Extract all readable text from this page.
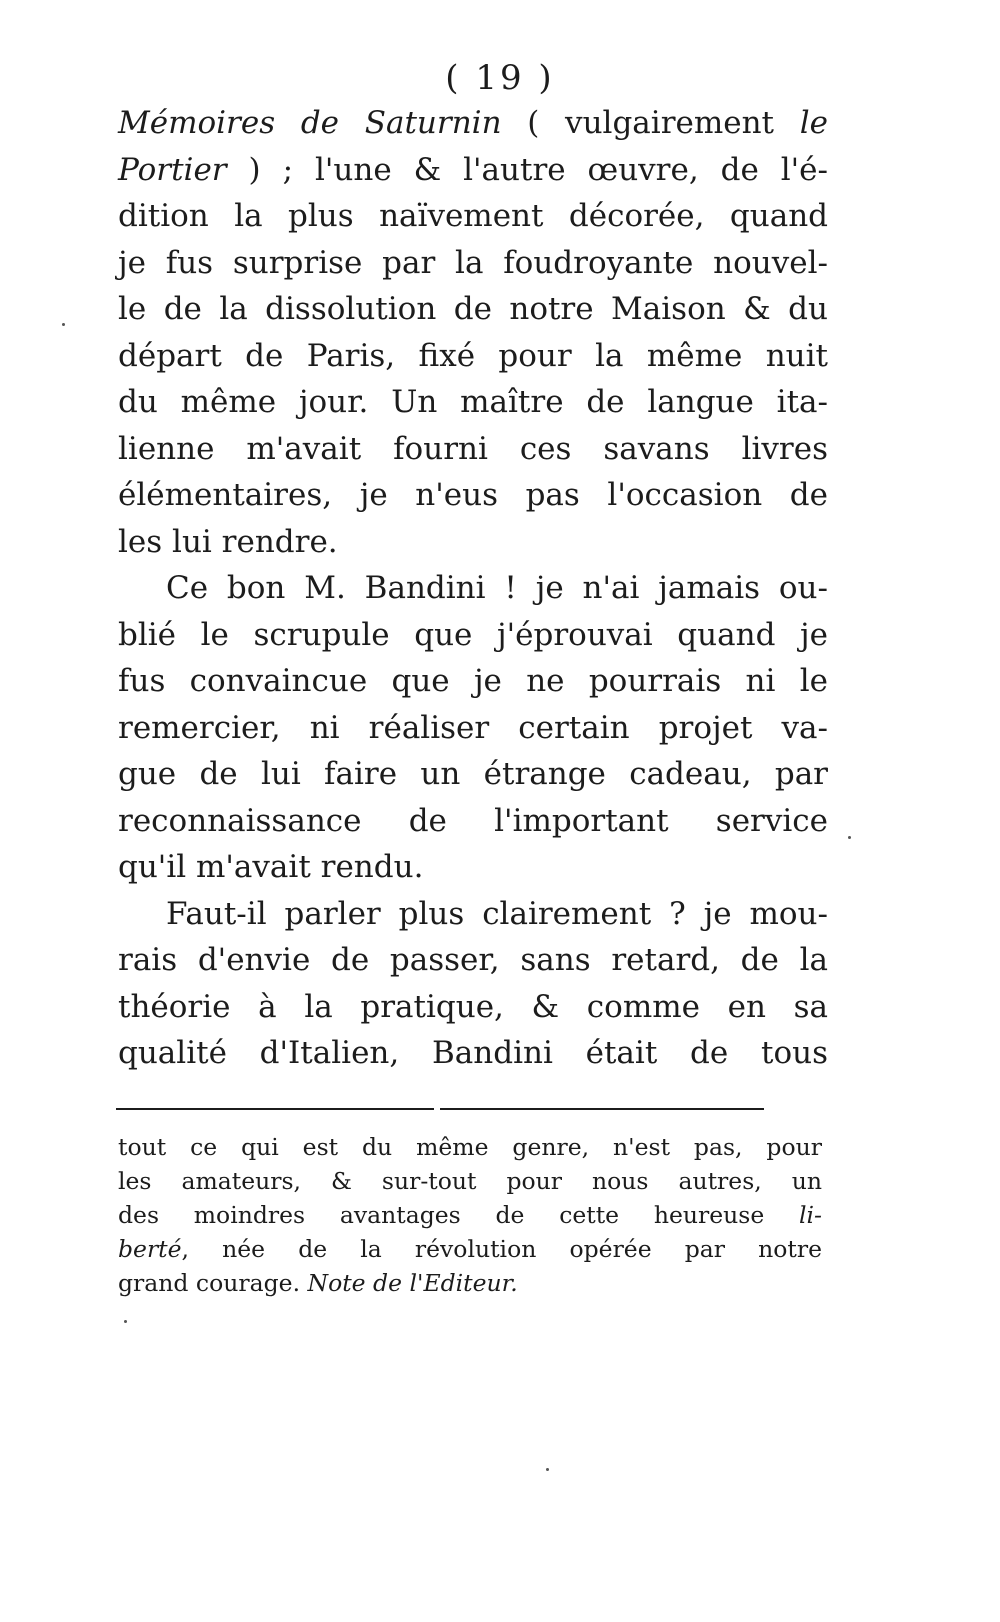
( 19 )
Mémoires de Saturnin ( vulgairement le
Portier ) ; l'une & l'autre œuvre, de l'é-
dition la plus naïvement décorée, quand
je fus surprise par la foudroyante nouvel-
le de la dissolution de notre Maison & du
départ de Paris, fixé pour la même nuit
du même jour. Un maître de langue ita-
lienne m'avait fourni ces savans livres
élémentaires, je n'eus pas l'occasion de
les lui rendre.
Ce bon M. Bandini ! je n'ai jamais ou-
blié le scrupule que j'éprouvai quand je
fus convaincue que je ne pourrais ni le
remercier, ni réaliser certain projet va-
gue de lui faire un étrange cadeau, par
reconnaissance de l'important service
qu'il m'avait rendu.
Faut-il parler plus clairement ? je mou-
rais d'envie de passer, sans retard, de la
théorie à la pratique, & comme en sa
qualité d'Italien, Bandini était de tous
tout ce qui est du même genre, n'est pas, pour
les amateurs, & sur-tout pour nous autres, un
des moindres avantages de cette heureuse li-
berté, née de la révolution opérée par notre
grand courage. Note de l'Editeur.
